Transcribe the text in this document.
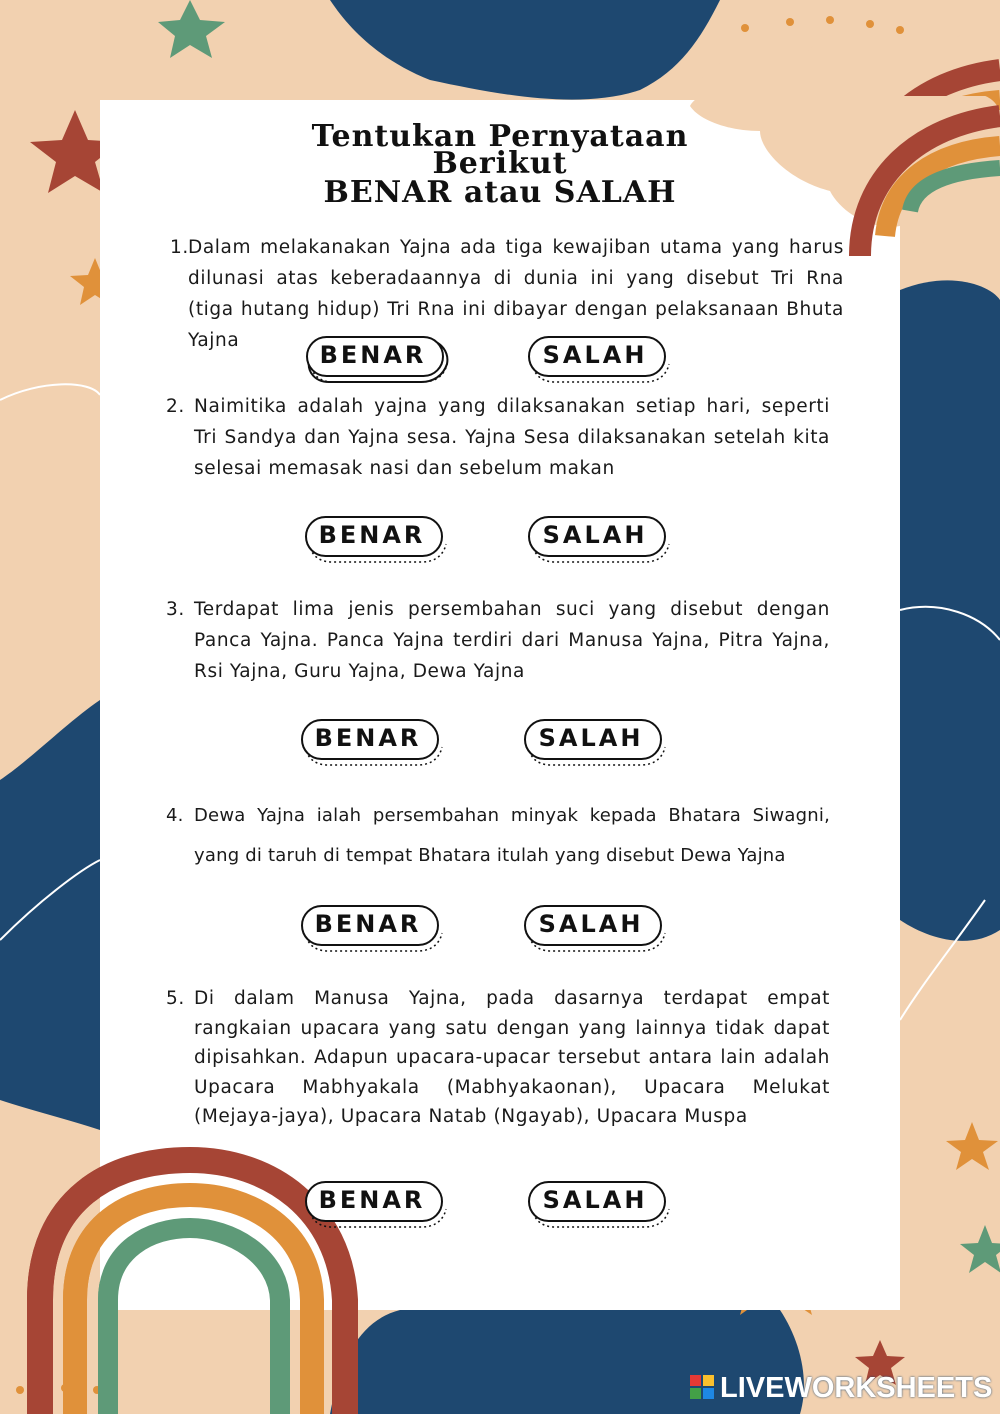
Tentukan Pernyataan
Berikut
BENAR atau SALAH
1. Dalam melakanakan Yajna ada tiga kewajiban utama yang harus dilunasi atas keberadaannya di dunia ini yang disebut Tri Rna (tiga hutang hidup) Tri Rna ini dibayar dengan pelaksanaan Bhuta Yajna
2. Naimitika adalah yajna yang dilaksanakan setiap hari, seperti Tri Sandya dan Yajna sesa. Yajna Sesa dilaksanakan setelah kita selesai memasak nasi dan sebelum makan
3. Terdapat lima jenis persembahan suci yang disebut dengan Panca Yajna. Panca Yajna terdiri dari Manusa Yajna, Pitra Yajna, Rsi Yajna, Guru Yajna, Dewa Yajna
4. Dewa Yajna ialah persembahan minyak kepada Bhatara Siwagni, yang di taruh di tempat Bhatara itulah yang disebut Dewa Yajna
5. Di dalam Manusa Yajna, pada dasarnya terdapat empat rangkaian upacara yang satu dengan yang lainnya tidak dapat dipisahkan. Adapun upacara-upacar tersebut antara lain adalah Upacara Mabhyakala (Mabhyakaonan), Upacara Melukat (Mejaya-jaya), Upacara Natab (Ngayab), Upacara Muspa
BENAR	SALAH
BENAR	SALAH
BENAR	SALAH
BENAR	SALAH
BENAR	SALAH
LIVEWORKSHEETS
